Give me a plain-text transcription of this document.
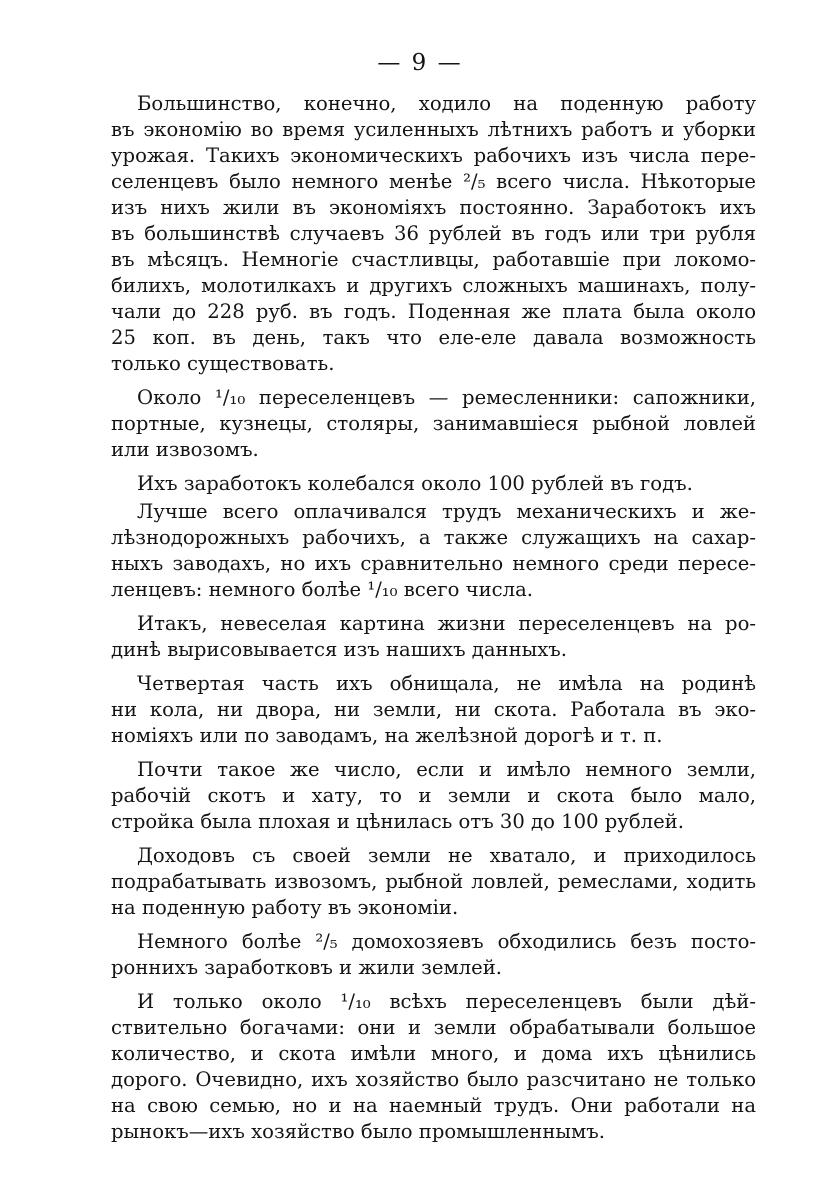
— 9 —
Большинство, конечно, ходило на поденную работу
въ экономію во время усиленныхъ лѣтнихъ работъ и уборки
урожая. Такихъ экономическихъ рабочихъ изъ числа пере-
селенцевъ было немного менѣе ²/₅ всего числа. Нѣкоторые
изъ нихъ жили въ экономіяхъ постоянно. Заработокъ ихъ
въ большинствѣ случаевъ 36 рублей въ годъ или три рубля
въ мѣсяцъ. Немногіе счастливцы, работавшіе при локомо-
билихъ, молотилкахъ и другихъ сложныхъ машинахъ, полу-
чали до 228 руб. въ годъ. Поденная же плата была около
25 коп. въ день, такъ что еле-еле давала возможность
только существовать.
Около ¹/₁₀ переселенцевъ — ремесленники: сапожники,
портные, кузнецы, столяры, занимавшіеся рыбной ловлей
или извозомъ.
Ихъ заработокъ колебался около 100 рублей въ годъ.
Лучше всего оплачивался трудъ механическихъ и же-
лѣзнодорожныхъ рабочихъ, а также служащихъ на сахар-
ныхъ заводахъ, но ихъ сравнительно немного среди пересе-
ленцевъ: немного болѣе ¹/₁₀ всего числа.
Итакъ, невеселая картина жизни переселенцевъ на ро-
динѣ вырисовывается изъ нашихъ данныхъ.
Четвертая часть ихъ обнищала, не имѣла на родинѣ
ни кола, ни двора, ни земли, ни скота. Работала въ эко-
номіяхъ или по заводамъ, на желѣзной дорогѣ и т. п.
Почти такое же число, если и имѣло немного земли,
рабочій скотъ и хату, то и земли и скота было мало,
стройка была плохая и цѣнилась отъ 30 до 100 рублей.
Доходовъ съ своей земли не хватало, и приходилось
подрабатывать извозомъ, рыбной ловлей, ремеслами, ходить
на поденную работу въ экономіи.
Немного болѣе ²/₅ домохозяевъ обходились безъ посто-
роннихъ заработковъ и жили землей.
И только около ¹/₁₀ всѣхъ переселенцевъ были дѣй-
ствительно богачами: они и земли обрабатывали большое
количество, и скота имѣли много, и дома ихъ цѣнились
дорого. Очевидно, ихъ хозяйство было разсчитано не только
на свою семью, но и на наемный трудъ. Они работали на
рынокъ—ихъ хозяйство было промышленнымъ.
